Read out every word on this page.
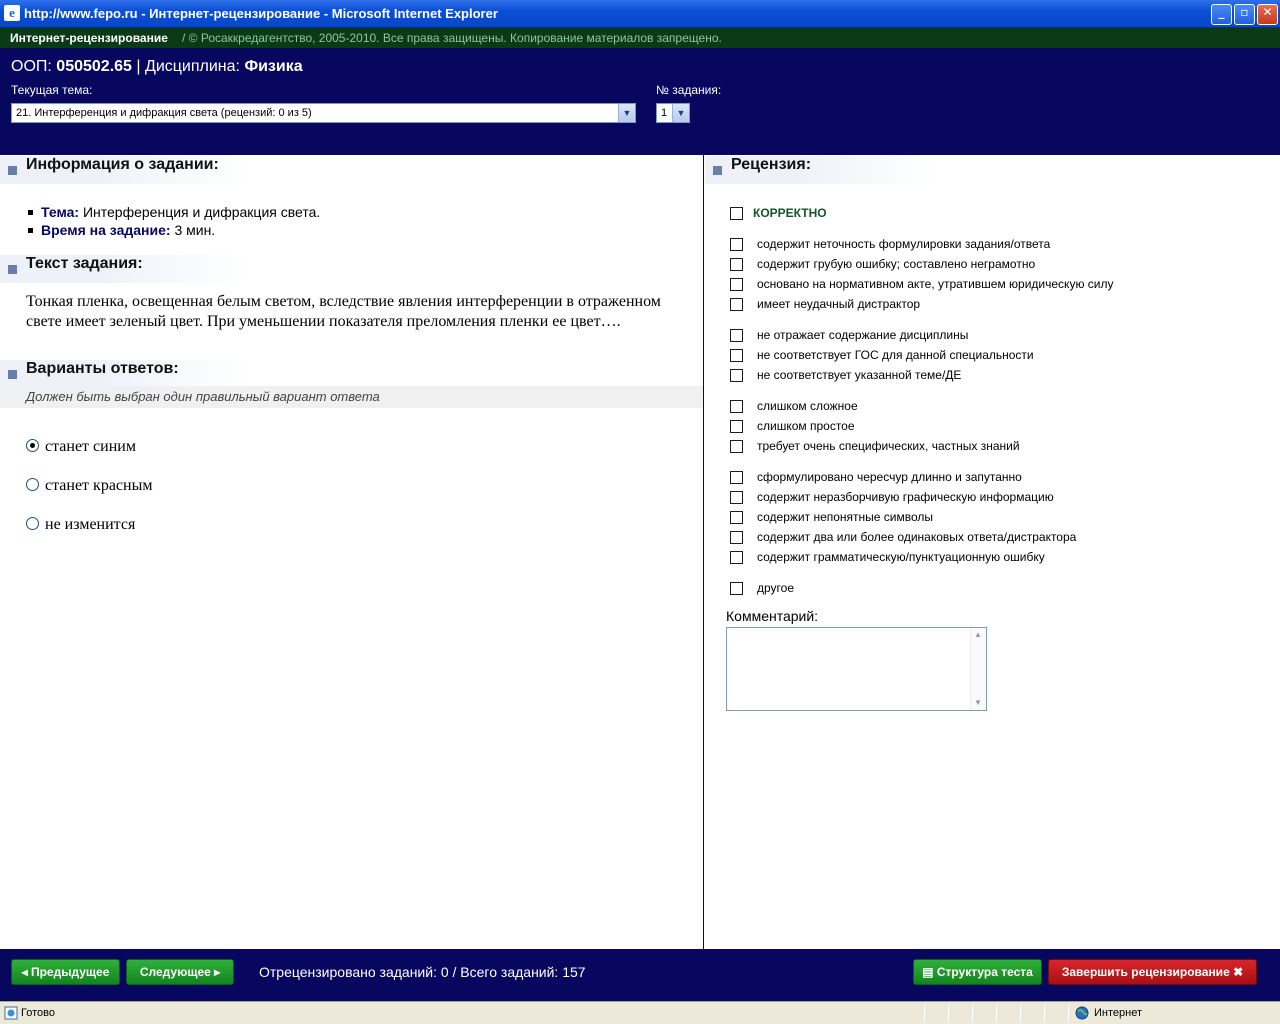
e http://www.fepo.ru - Интернет-рецензирование - Microsoft Internet Explorer	_	▫	✕
Интернет-рецензирование / © Росаккредагентство, 2005-2010. Все права защищены. Копирование материалов запрещено.
ООП: 050502.65 | Дисциплина: Физика
Текущая тема:
21. Интерференция и дифракция света (рецензий: 0 из 5)	▼
№ задания:
1	▼
Информация о задании:
Тема: Интерференция и дифракция света.
Время на задание: 3 мин.
Текст задания:
Тонкая пленка, освещенная белым светом, вследствие явления интерференции в отраженном свете имеет зеленый цвет. При уменьшении показателя преломления пленки ее цвет….
Варианты ответов:
Должен быть выбран один правильный вариант ответа
станет синим
станет красным
не изменится
Рецензия:
КОРРЕКТНО
содержит неточность формулировки задания/ответа
содержит грубую ошибку; составлено неграмотно
основано на нормативном акте, утратившем юридическую силу
имеет неудачный дистрактор
не отражает содержание дисциплины
не соответствует ГОС для данной специальности
не соответствует указанной теме/ДЕ
слишком сложное
слишком простое
требует очень специфических, частных знаний
сформулировано чересчур длинно и запутанно
содержит неразборчивую графическую информацию
содержит непонятные символы
содержит два или более одинаковых ответа/дистрактора
содержит грамматическую/пунктуационную ошибку
другое
Комментарий:
▲
▼
◂ Предыдущее	Следующее ▸	Отрецензировано заданий: 0 / Всего заданий: 157	▤ Структура теста	Завершить рецензирование ✖
Готово	Интернет
